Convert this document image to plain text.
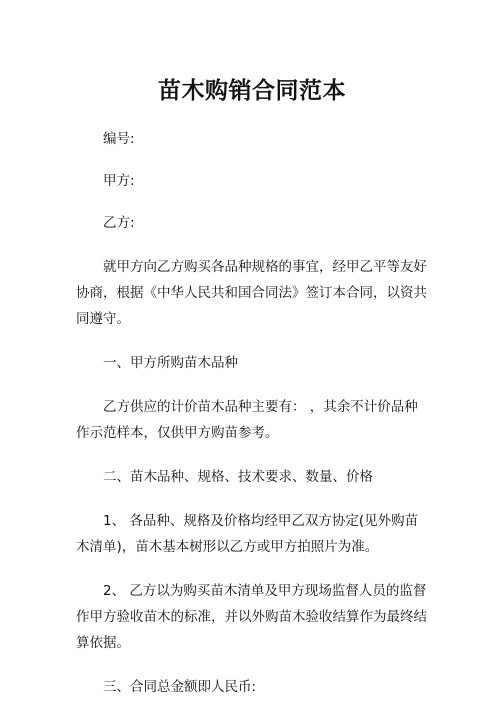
苗木购销合同范本

编号:

甲方:

乙方:

就甲方向乙方购买各品种规格的事宜，经甲乙平等友好协商，根据《中华人民共和国合同法》签订本合同，以资共同遵守。

一、甲方所购苗木品种

乙方供应的计价苗木品种主要有： ，其余不计价品种作示范样本，仅供甲方购苗参考。

二、苗木品种、规格、技术要求、数量、价格

1、 各品种、规格及价格均经甲乙双方协定(见外购苗木清单)，苗木基本树形以乙方或甲方拍照片为准。

2、 乙方以为购买苗木清单及甲方现场监督人员的监督作甲方验收苗木的标准，并以外购苗木验收结算作为最终结算依据。

三、合同总金额即人民币:
